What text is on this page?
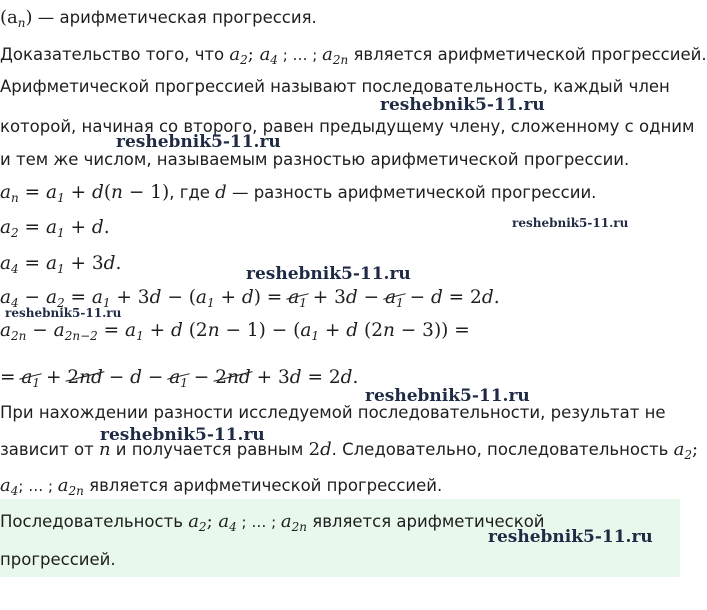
$(a_n)$ — арифметическая прогрессия.
Доказательство того, что $a_2$; $a_4$ ; … ; $a_{2n}$ является арифметической прогрессией.
Арифметической прогрессией называют последовательность, каждый член
которой, начиная со второго, равен предыдущему члену, сложенному с одним
и тем же числом, называемым разностью арифметической прогрессии.
$a_n = a_1 + d(n - 1)$, где d — разность арифметической прогрессии.
$a_2 = a_1 + d$.
$a_4 = a_1 + 3d$.
$a_4 - a_2 = a_1 + 3d - (a_1 + d) = a_1 + 3d - a_1 - d = 2d$.
$a_{2n} - a_{2n-2} = a_1 + d$ $(2n - 1) - (a_1 + d$ (2n − 3)) =
= $a_1 + 2nd - d - a_1 - 2nd + 3d = 2d$.
При нахождении разности исследуемой последовательности, результат не
зависит от n и получается равным 2d. Следовательно, последовательность $a_2$;
$a_4$; … ; $a_{2n}$ является арифметической прогрессией.
Последовательность $a_2$; $a_4$ ; … ; $a_{2n}$ является арифметической
прогрессией.
reshebnik5-11.ru
reshebnik5-11.ru
reshebnik5-11.ru
reshebnik5-11.ru
reshebnik5-11.ru
reshebnik5-11.ru
reshebnik5-11.ru
reshebnik5-11.ru
